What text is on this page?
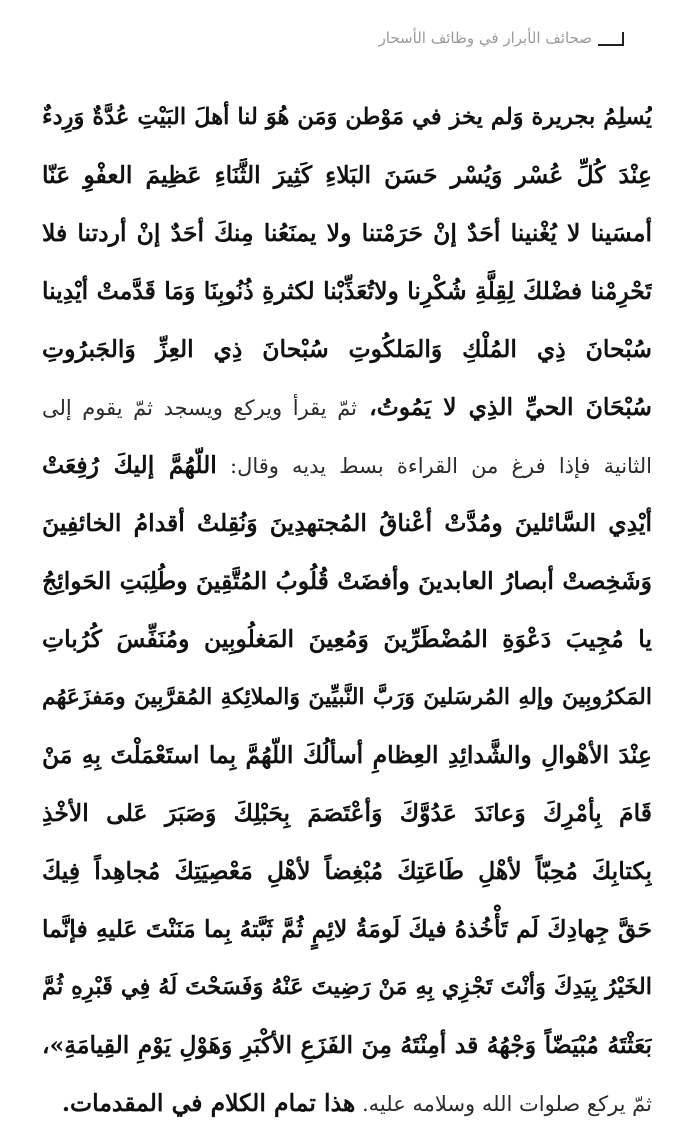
صحائف الأبرار في وظائف الأسحار
يُسلِمُ بجريرة وَلم يخز في مَوْطن وَمَن هُوَ لنا أهلَ البَيْتِ عُدَّةٌ وَرِدءٌ
عِنْدَ كُلِّ عُسْر وَيُسْر حَسَنَ البَلاءِ كَثِيرَ الثَّنَاءِ عَظِيمَ العفْوِ عَنّا
أمسَينا لا يُغْنينا أحَدٌ إنْ حَرَمْتنا ولا يمنَعُنا مِنكَ أحَدٌ إنْ أردتنا فلا
تَحْرِمْنا فضْلكَ لِقِلَّةِ شُكْرِنا ولاتُعَذِّبْنا لكثرةِ ذُنُوبِنَا وَمَا قَدَّمتْ أيْدِينا
سُبْحانَ ذِي المُلْكِ وَالمَلكُوتِ سُبْحانَ ذِي العِزِّ وَالجَبرُوتِ
سُبْحَانَ الحيِّ الذِي لا يَمُوتُ، ثمّ يقرأ ويركع ويسجد ثمّ يقوم إلى
الثانية فإذا فرغ من القراءة بسط يديه وقال: اللّهُمَّ إليكَ رُفِعَتْ
أيْدِي السَّائلينَ ومُدَّتْ أعْناقُ المُجتهدِينَ وَنُقِلتْ أقدامُ الخائفِينَ
وَشَخِصتْ أبصارُ العابدينَ وأفضَتْ قُلُوبُ المُتَّقِينَ وطُلِبَتِ الحَوائِجُ
يا مُجِيبَ دَعْوَةِ المُضْطَرِّينَ وَمُعِينَ المَغلُوبِين ومُنَفِّسَ كُرُباتِ
المَكرُوبِينَ وإلهِ المُرسَلينَ وَرَبَّ النَّبيِّينَ وَالملائِكةِ المُقرَّبِينَ ومَفزَعَهُم
عِنْدَ الأهْوالِ والشَّدائِدِ العِظامِ أسألُكَ اللّهُمَّ بِما استَعْمَلْتَ بِهِ مَنْ
قَامَ بِأمْرِكَ وَعانَدَ عَدُوَّكَ وَأعْتَصَمَ بِحَبْلِكَ وَصَبَرَ عَلى الأخْذِ
بِكتابِكَ مُحِبّاً لأهْلِ طَاعَتِكَ مُبْغِضاً لأهْلِ مَعْصِيَتِكَ مُجاهِداً فِيكَ
حَقَّ جِهادِكَ لَم تَأْخُذهُ فيكَ لَومَةُ لائِمٍ ثُمَّ ثَبَّتهُ بِما مَنَنْتَ عَليهِ فإنَّما
الخَيْرُ بِيَدِكَ وَأنْتَ تَجْزِي بِهِ مَنْ رَضِيتَ عَنْهُ وَفَسَحْتَ لَهُ فِي قَبْرِهِ ثُمَّ
بَعَثْتَهُ مُبْيَضّاً وَجْهُهُ قد أمِنْتَهُ مِنَ الفَزَعِ الأكْبَرِ وَهَوْلِ يَوْمِ القِيامَةِ»،
ثمّ يركع صلوات الله وسلامه عليه. هذا تمام الكلام في المقدمات.
